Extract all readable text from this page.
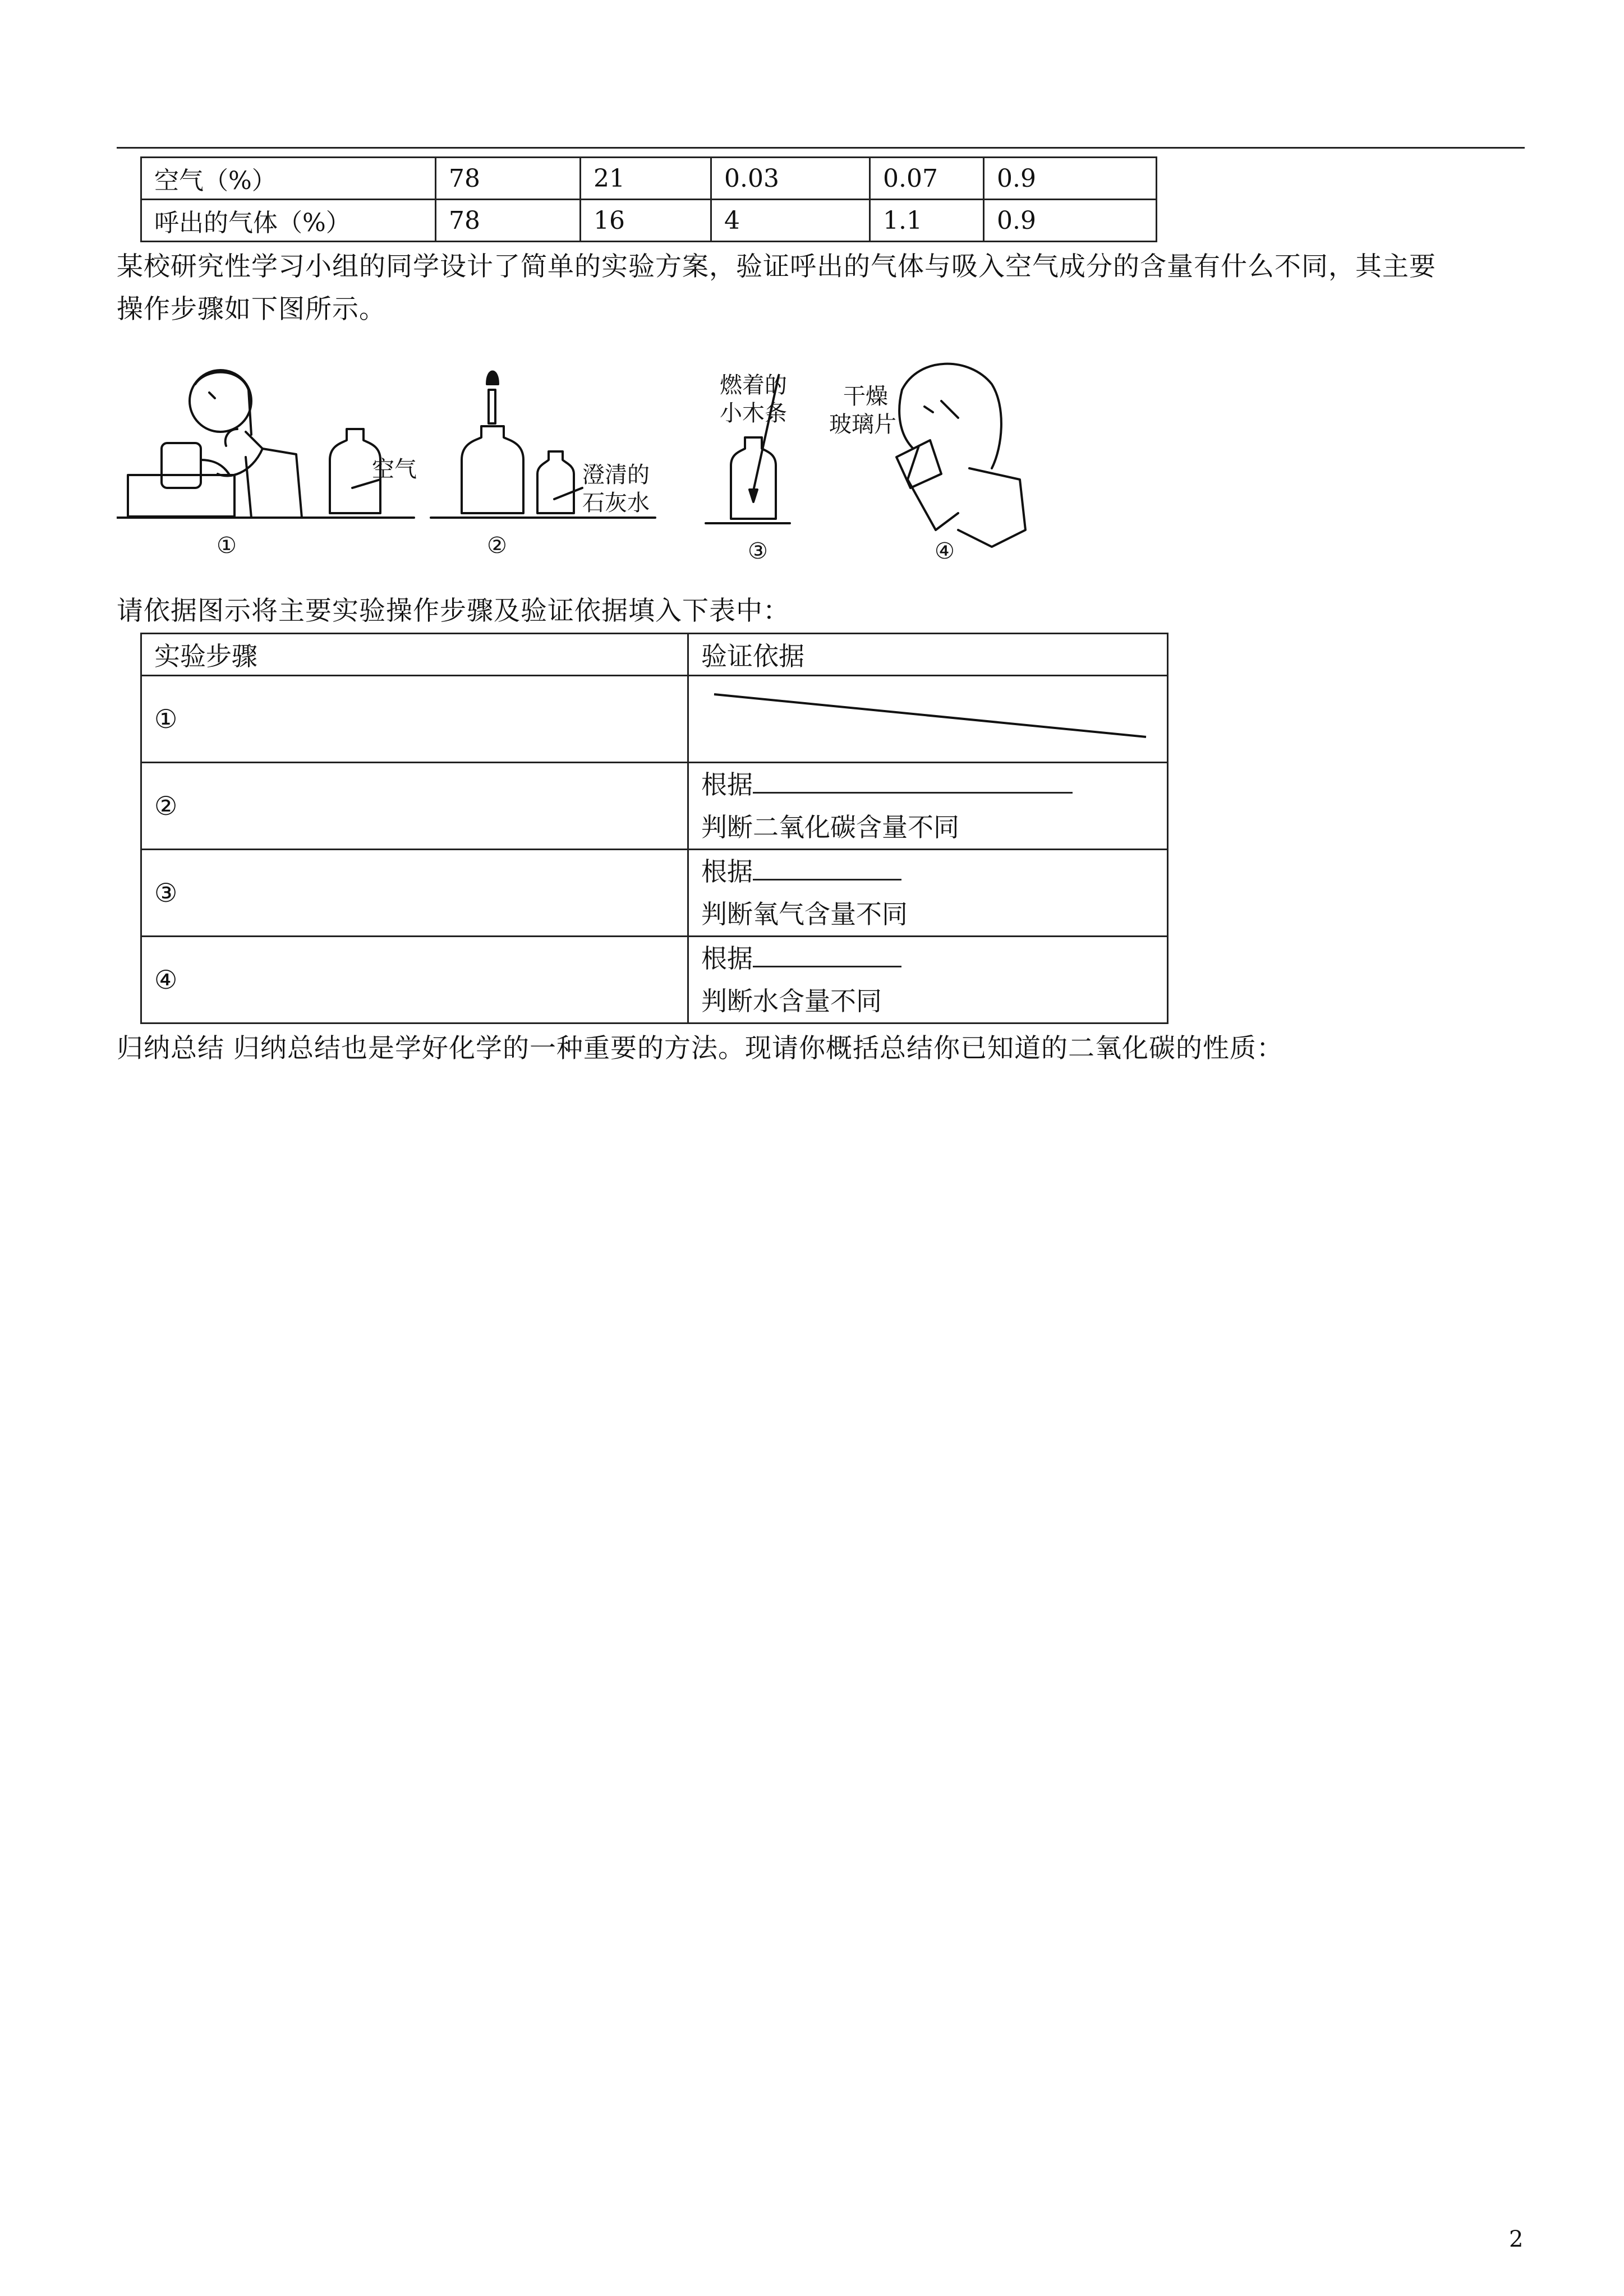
空气（%）	78	21	0.03	0.07	0.9
呼出的气体（%）	78	16	4	1.1	0.9
某校研究性学习小组的同学设计了简单的实验方案，验证呼出的气体与吸入空气成分的含量有什么不同，其主要
操作步骤如下图所示。
空气	澄清的
石灰水
燃着的
小木条
干燥
玻璃片
①	②	③	④
请依据图示将主要实验操作步骤及验证依据填入下表中：
实验步骤	验证依据
①	

②	根据
判断二氧化碳含量不同

③	根据
判断氧气含量不同

④	根据
判断水含量不同
归纳总结 归纳总结也是学好化学的一种重要的方法。现请你概括总结你已知道的二氧化碳的性质：
2
